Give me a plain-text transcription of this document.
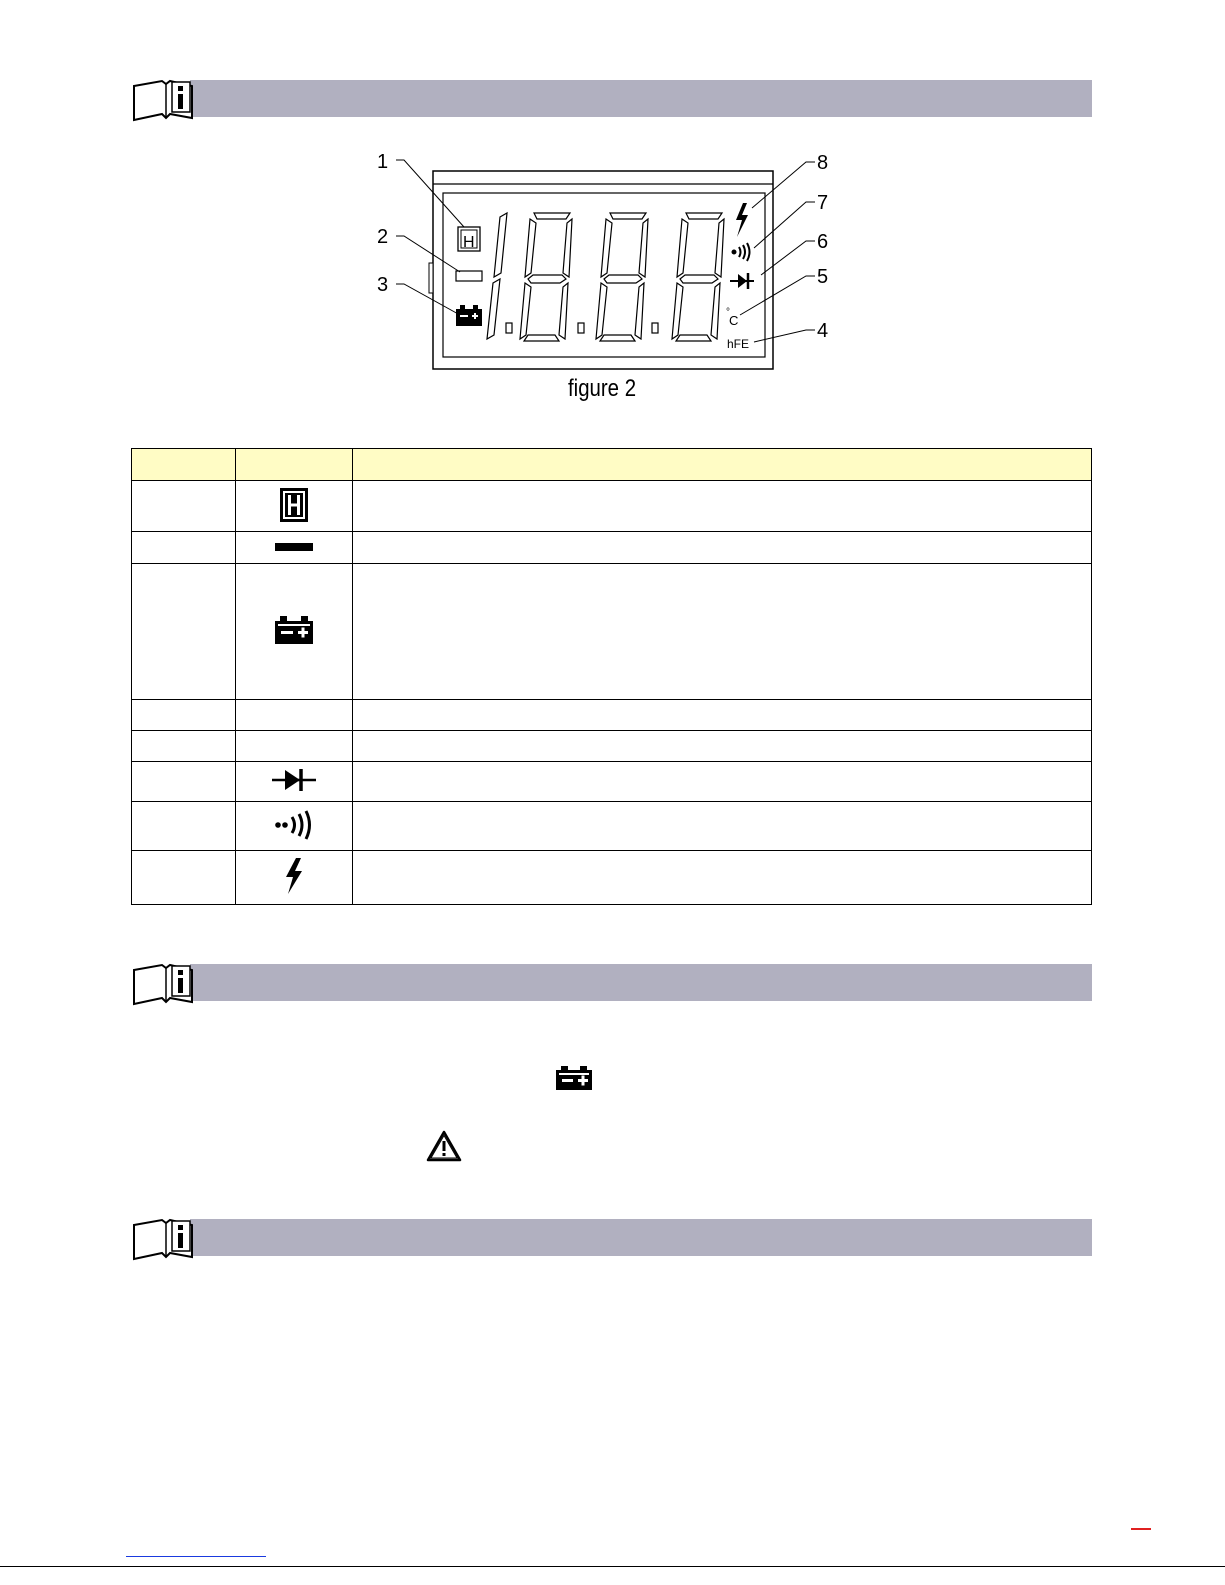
H
°
C
hFE
1
2
3
4
5
6
7
8
figure 2
